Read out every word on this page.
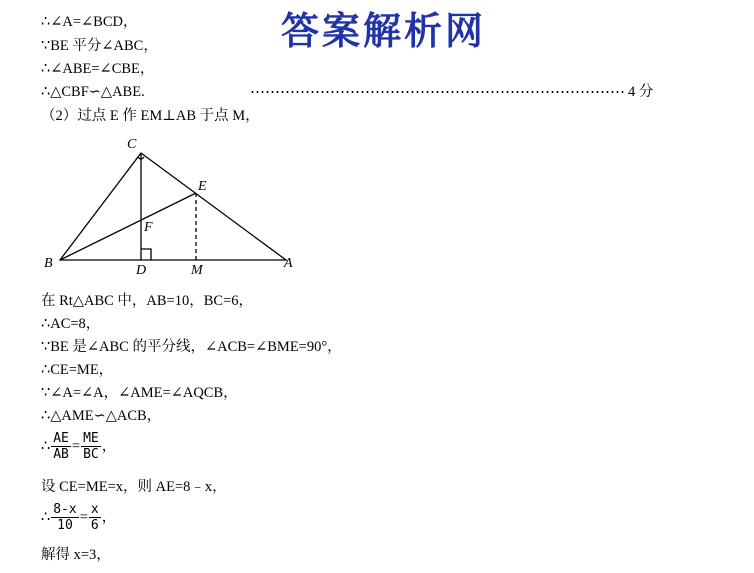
答案解析网
∴∠A=∠BCD，
∵BE 平分∠ABC，
∴∠ABE=∠CBE，
∴△CBF∽△ABE.	4 分
（2）过点 E 作 EM⊥AB 于点 M，
C
E
F
B	D	M	A
在 Rt△ABC 中，AB=10，BC=6，
∴AC=8，
∵BE 是∠ABC 的平分线，∠ACB=∠BME=90°，
∴CE=ME，
∵∠A=∠A，∠AME=∠AQCB，
∴△AME∽△ACB，
∴ $\frac{AE}{AB} = \frac{ME}{BC}$ ，
设 CE=ME=x，则 AE=8﹣x，
∴ $\frac{8-x}{10} = \frac{x}{6}$ ，
解得 x=3，
